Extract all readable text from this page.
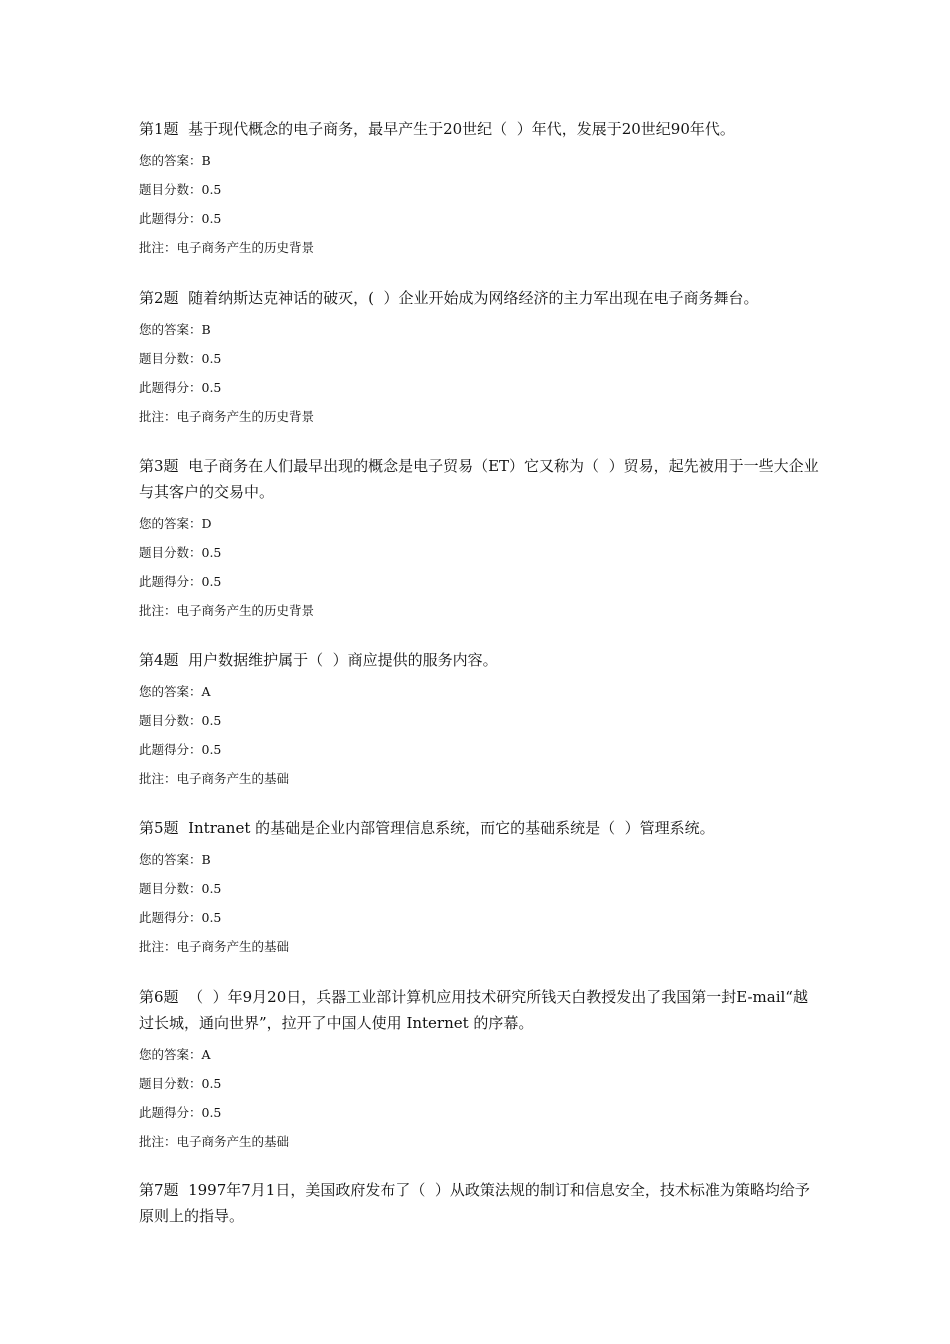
第1题  基于现代概念的电子商务，最早产生于20世纪（  ）年代，发展于20世纪90年代。

您的答案：B
题目分数：0.5
此题得分：0.5
批注：电子商务产生的历史背景

第2题  随着纳斯达克神话的破灭，(  ）企业开始成为网络经济的主力军出现在电子商务舞台。

您的答案：B
题目分数：0.5
此题得分：0.5
批注：电子商务产生的历史背景

第3题  电子商务在人们最早出现的概念是电子贸易（ET）它又称为（  ）贸易，起先被用于一些大企业与其客户的交易中。

您的答案：D
题目分数：0.5
此题得分：0.5
批注：电子商务产生的历史背景

第4题  用户数据维护属于（  ）商应提供的服务内容。

您的答案：A
题目分数：0.5
此题得分：0.5
批注：电子商务产生的基础

第5题  Intranet 的基础是企业内部管理信息系统，而它的基础系统是（  ）管理系统。

您的答案：B
题目分数：0.5
此题得分：0.5
批注：电子商务产生的基础

第6题  （  ）年9月20日，兵器工业部计算机应用技术研究所钱天白教授发出了我国第一封E-mail“越过长城，通向世界”，拉开了中国人使用 Internet 的序幕。

您的答案：A
题目分数：0.5
此题得分：0.5
批注：电子商务产生的基础

第7题  1997年7月1日，美国政府发布了（  ）从政策法规的制订和信息安全，技术标准为策略均给予原则上的指导。
